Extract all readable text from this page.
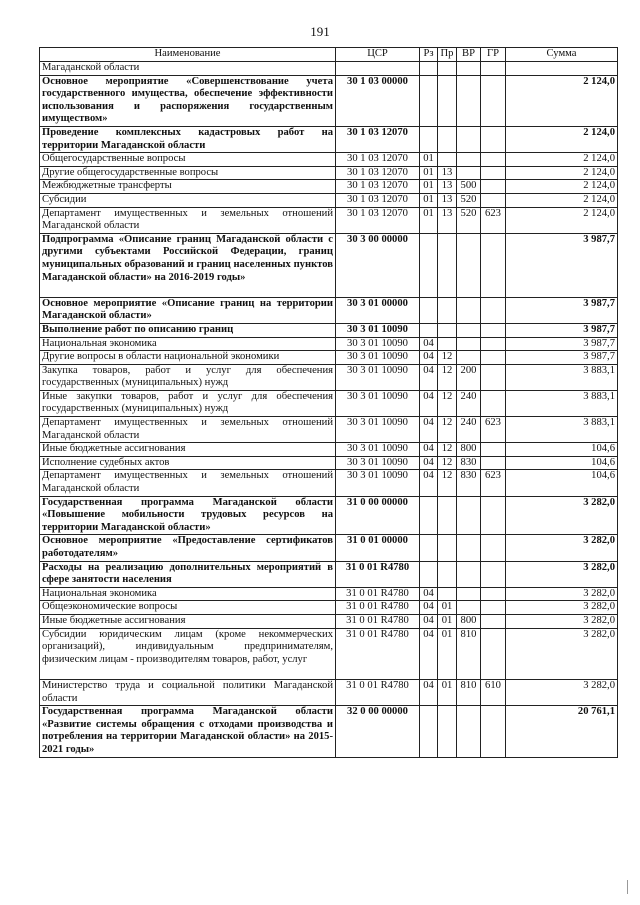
191
Наименование	ЦСР	Рз	Пр	ВР	ГР	Сумма
Магаданской области						
Основное мероприятие «Совершенствование учета государственного имущества, обеспечение эффективности использования и распоряжения государственным имуществом»	30 1 03 00000					2 124,0
Проведение комплексных кадастровых работ на территории Магаданской области	30 1 03 12070					2 124,0
Общегосударственные вопросы	30 1 03 12070	01				2 124,0
Другие общегосударственные вопросы	30 1 03 12070	01	13			2 124,0
Межбюджетные трансферты	30 1 03 12070	01	13	500		2 124,0
Субсидии	30 1 03 12070	01	13	520		2 124,0
Департамент имущественных и земельных отношений Магаданской области	30 1 03 12070	01	13	520	623	2 124,0
Подпрограмма «Описание границ Магаданской области с другими субъектами Российской Федерации, границ муниципальных образований и границ населенных пунктов Магаданской области» на 2016-2019 годы»	30 3 00 00000					3 987,7
Основное мероприятие «Описание границ на территории Магаданской области»	30 3 01 00000					3 987,7
Выполнение работ по описанию границ	30 3 01 10090					3 987,7
Национальная экономика	30 3 01 10090	04				3 987,7
Другие вопросы в области национальной экономики	30 3 01 10090	04	12			3 987,7
Закупка товаров, работ и услуг для обеспечения государственных (муниципальных) нужд	30 3 01 10090	04	12	200		3 883,1
Иные закупки товаров, работ и услуг для обеспечения государственных (муниципальных) нужд	30 3 01 10090	04	12	240		3 883,1
Департамент имущественных и земельных отношений Магаданской области	30 3 01 10090	04	12	240	623	3 883,1
Иные бюджетные ассигнования	30 3 01 10090	04	12	800		104,6
Исполнение судебных актов	30 3 01 10090	04	12	830		104,6
Департамент имущественных и земельных отношений Магаданской области	30 3 01 10090	04	12	830	623	104,6
Государственная программа Магаданской области «Повышение мобильности трудовых ресурсов на территории Магаданской области»	31 0 00 00000					3 282,0
Основное мероприятие «Предоставление сертификатов работодателям»	31 0 01 00000					3 282,0
Расходы на реализацию дополнительных мероприятий в сфере занятости населения	31 0 01 R4780					3 282,0
Национальная экономика	31 0 01 R4780	04				3 282,0
Общеэкономические вопросы	31 0 01 R4780	04	01			3 282,0
Иные бюджетные ассигнования	31 0 01 R4780	04	01	800		3 282,0
Субсидии юридическим лицам (кроме некоммерческих организаций), индивидуальным предпринимателям, физическим лицам - производителям товаров, работ, услуг	31 0 01 R4780	04	01	810		3 282,0
Министерство труда и социальной политики Магаданской области	31 0 01 R4780	04	01	810	610	3 282,0
Государственная программа Магаданской области «Развитие системы обращения с отходами производства и потребления на территории Магаданской области» на 2015-2021 годы»	32 0 00 00000					20 761,1
